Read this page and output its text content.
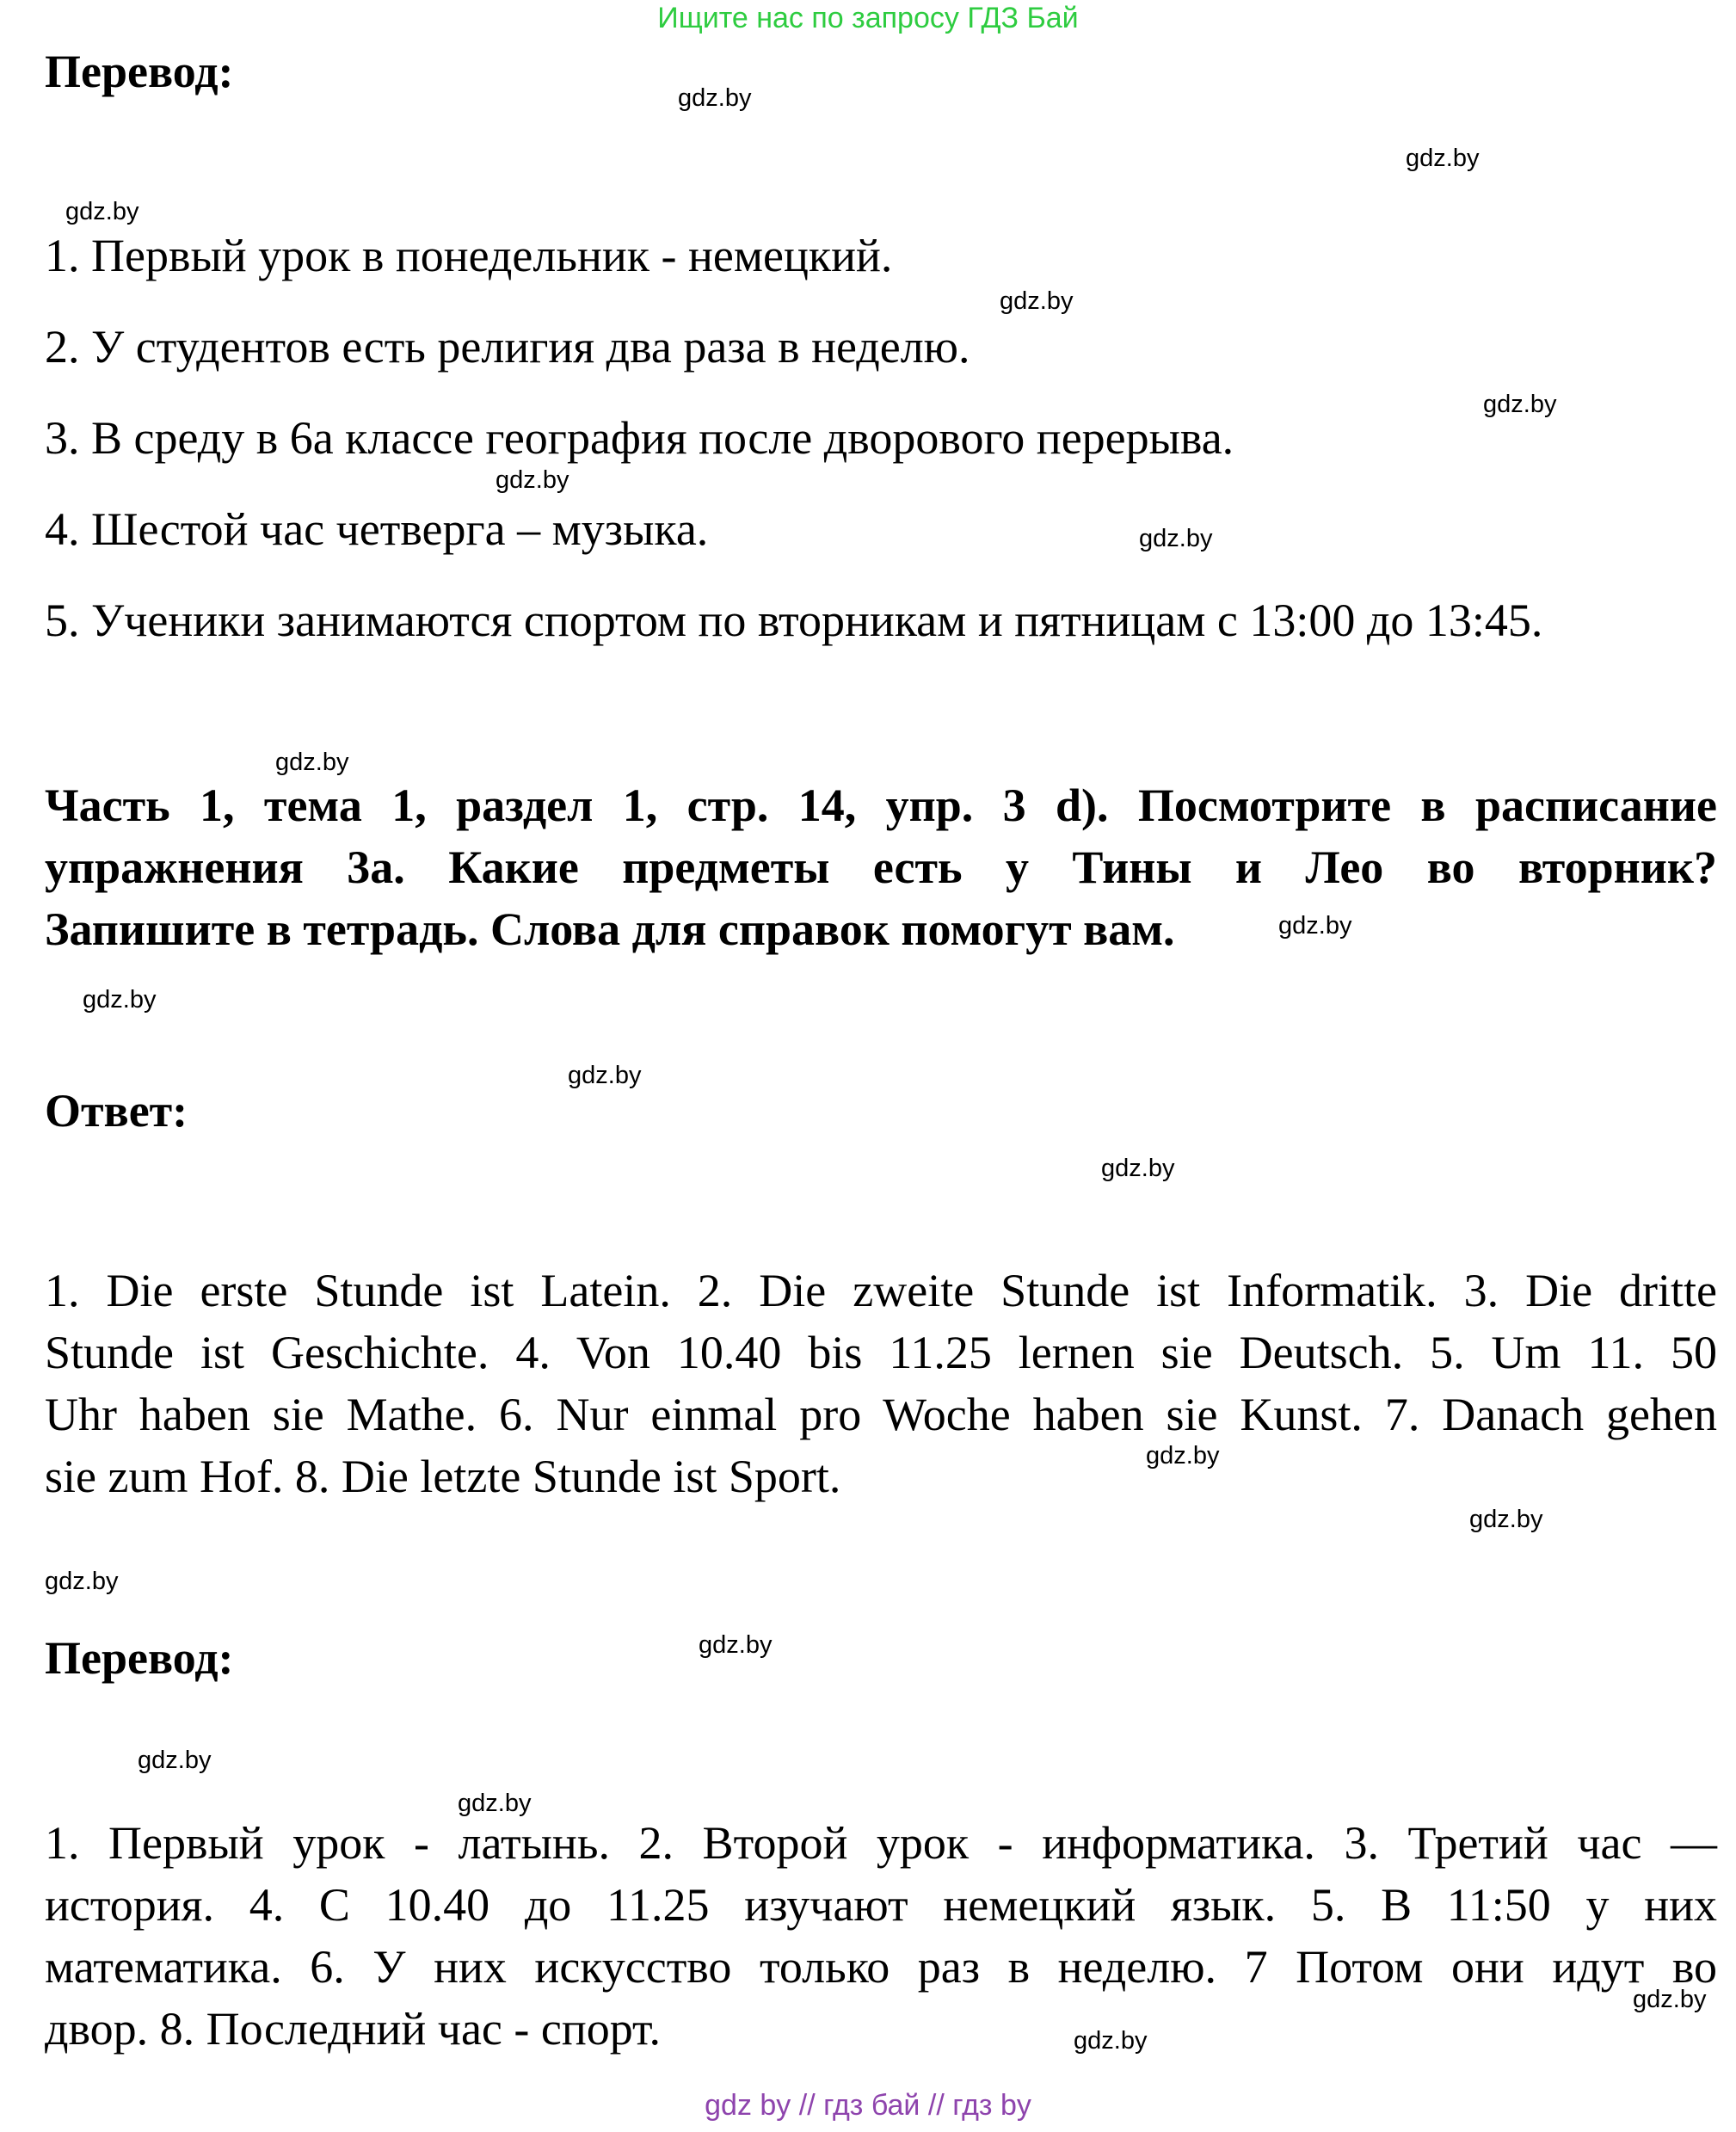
Ищите нас по запросу ГДЗ Бай
Перевод:
1. Первый урок в понедельник - немецкий.
2. У студентов есть религия два раза в неделю.
3. В среду в 6а классе география после дворового перерыва.
4. Шестой час четверга – музыка.
5. Ученики занимаются спортом по вторникам и пятницам с 13:00 до 13:45.
Часть 1, тема 1, раздел 1, стр. 14, упр. 3 d). Посмотрите в расписание
упражнения 3а. Какие предметы есть у Тины и Лео во вторник?
Запишите в тетрадь. Слова для справок помогут вам.
Ответ:
1. Die erste Stunde ist Latein. 2. Die zweite Stunde ist Informatik. 3. Die dritte
Stunde ist Geschichte. 4. Von 10.40 bis 11.25 lernen sie Deutsch. 5. Um 11. 50
Uhr haben sie Mathe. 6. Nur einmal pro Woche haben sie Kunst. 7. Danach gehen
sie zum Hof. 8. Die letzte Stunde ist Sport.
Перевод:
1. Первый урок - латынь. 2. Второй урок - информатика. 3. Третий час —
история. 4. С 10.40 до 11.25 изучают немецкий язык. 5. В 11:50 у них
математика. 6. У них искусство только раз в неделю. 7 Потом они идут во
двор. 8. Последний час - спорт.
gdz.by
gdz.by
gdz.by
gdz.by
gdz.by
gdz.by
gdz.by
gdz.by
gdz.by
gdz.by
gdz.by
gdz.by
gdz.by
gdz.by
gdz.by
gdz.by
gdz.by
gdz.by
gdz.by
gdz.by
gdz by // гдз бай // гдз by
